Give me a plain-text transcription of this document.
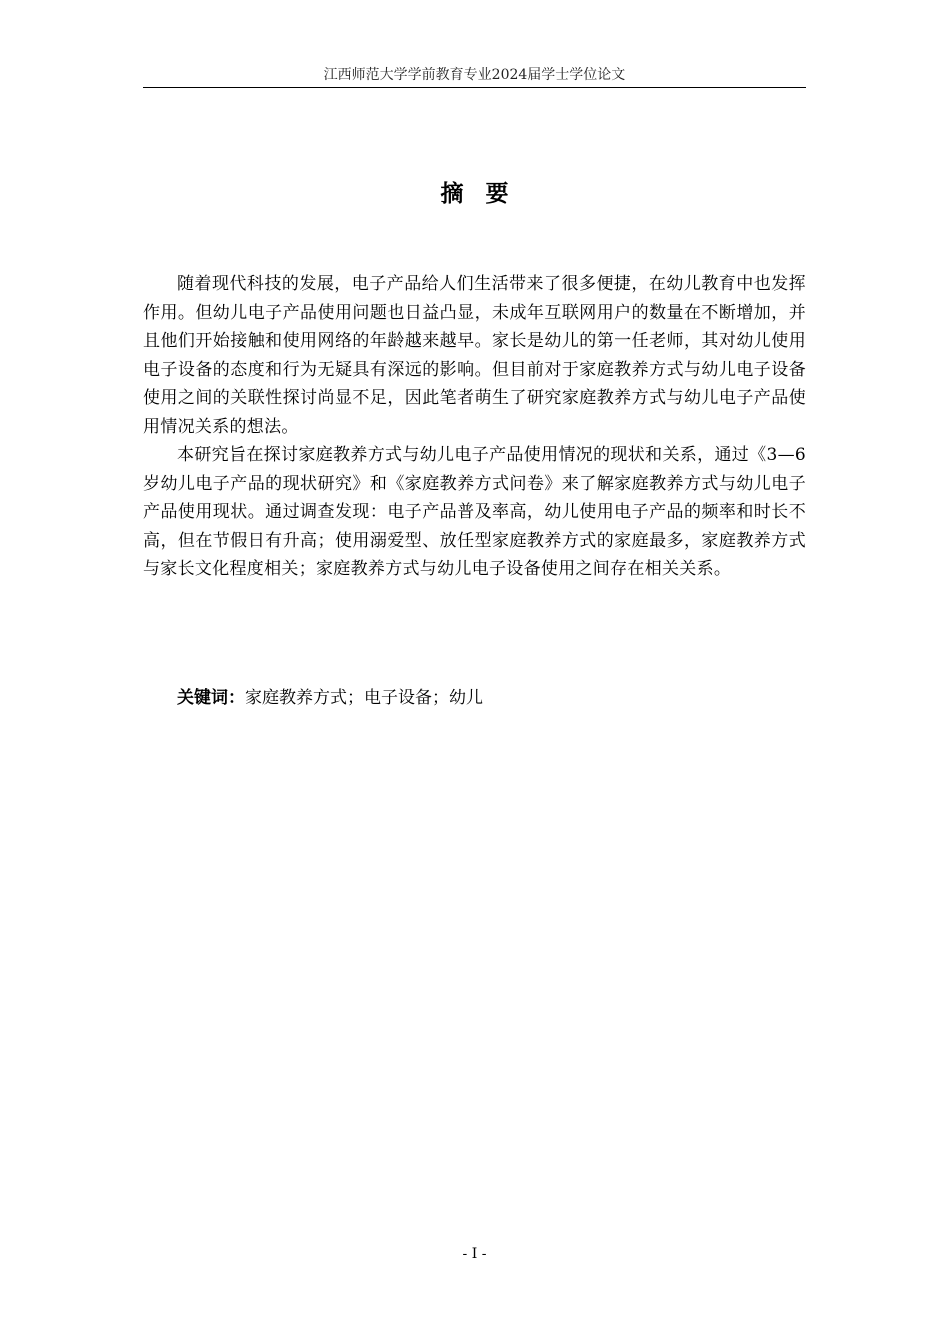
江西师范大学学前教育专业2024届学士学位论文
摘要

随着现代科技的发展，电子产品给人们生活带来了很多便捷，在幼儿教育中也发挥作用。但幼儿电子产品使用问题也日益凸显，未成年互联网用户的数量在不断增加，并且他们开始接触和使用网络的年龄越来越早。家长是幼儿的第一任老师，其对幼儿使用电子设备的态度和行为无疑具有深远的影响。但目前对于家庭教养方式与幼儿电子设备使用之间的关联性探讨尚显不足，因此笔者萌生了研究家庭教养方式与幼儿电子产品使用情况关系的想法。

本研究旨在探讨家庭教养方式与幼儿电子产品使用情况的现状和关系，通过《3—6岁幼儿电子产品的现状研究》和《家庭教养方式问卷》来了解家庭教养方式与幼儿电子产品使用现状。通过调查发现：电子产品普及率高，幼儿使用电子产品的频率和时长不高，但在节假日有升高；使用溺爱型、放任型家庭教养方式的家庭最多，家庭教养方式与家长文化程度相关；家庭教养方式与幼儿电子设备使用之间存在相关关系。

关键词：家庭教养方式；电子设备；幼儿
- I -
